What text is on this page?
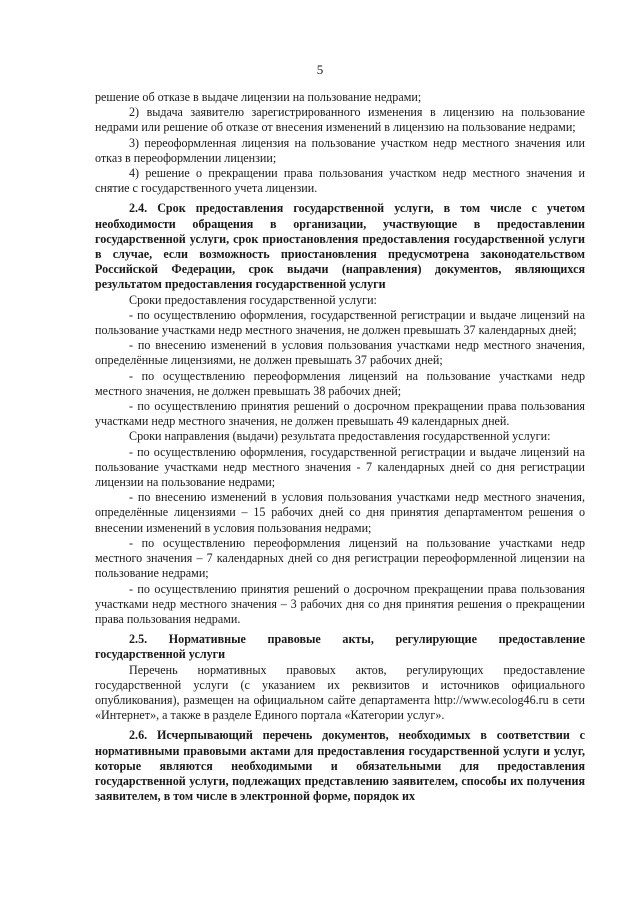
5

решение об отказе в выдаче лицензии на пользование недрами;

2) выдача заявителю зарегистрированного изменения в лицензию на пользование недрами или решение об отказе от внесения изменений в лицензию на пользование недрами;

3) переоформленная лицензия на пользование участком недр местного значения или отказ в переоформлении лицензии;

4) решение о прекращении права пользования участком недр местного значения и снятие с государственного учета лицензии.

2.4. Срок предоставления государственной услуги, в том числе с учетом необходимости обращения в организации, участвующие в предоставлении государственной услуги, срок приостановления предоставления государственной услуги в случае, если возможность приостановления предусмотрена законодательством Российской Федерации, срок выдачи (направления) документов, являющихся результатом предоставления государственной услуги

Сроки предоставления государственной услуги:

- по осуществлению оформления, государственной регистрации и выдаче лицензий на пользование участками недр местного значения, не должен превышать 37 календарных дней;

- по внесению изменений в условия пользования участками недр местного значения, определённые лицензиями, не должен превышать 37 рабочих дней;

- по осуществлению переоформления лицензий на пользование участками недр местного значения, не должен превышать 38 рабочих дней;

- по осуществлению принятия решений о досрочном прекращении права пользования участками недр местного значения, не должен превышать 49 календарных дней.

Сроки направления (выдачи) результата предоставления государственной услуги:

- по осуществлению оформления, государственной регистрации и выдаче лицензий на пользование участками недр местного значения - 7 календарных дней со дня регистрации лицензии на пользование недрами;

- по внесению изменений в условия пользования участками недр местного значения, определённые лицензиями – 15 рабочих дней со дня принятия департаментом решения о внесении изменений в условия пользования недрами;

- по осуществлению переоформления лицензий на пользование участками недр местного значения – 7 календарных дней со дня регистрации переоформленной лицензии на пользование недрами;

- по осуществлению принятия решений о досрочном прекращении права пользования участками недр местного значения – 3 рабочих дня со дня принятия решения о прекращении права пользования недрами.

2.5. Нормативные правовые акты, регулирующие предоставление государственной услуги

Перечень нормативных правовых актов, регулирующих предоставление государственной услуги (с указанием их реквизитов и источников официального опубликования), размещен на официальном сайте департамента http://www.ecolog46.ru в сети «Интернет», а также в разделе Единого портала «Категории услуг».

2.6. Исчерпывающий перечень документов, необходимых в соответствии с нормативными правовыми актами для предоставления государственной услуги и услуг, которые являются необходимыми и обязательными для предоставления государственной услуги, подлежащих представлению заявителем, способы их получения заявителем, в том числе в электронной форме, порядок их
